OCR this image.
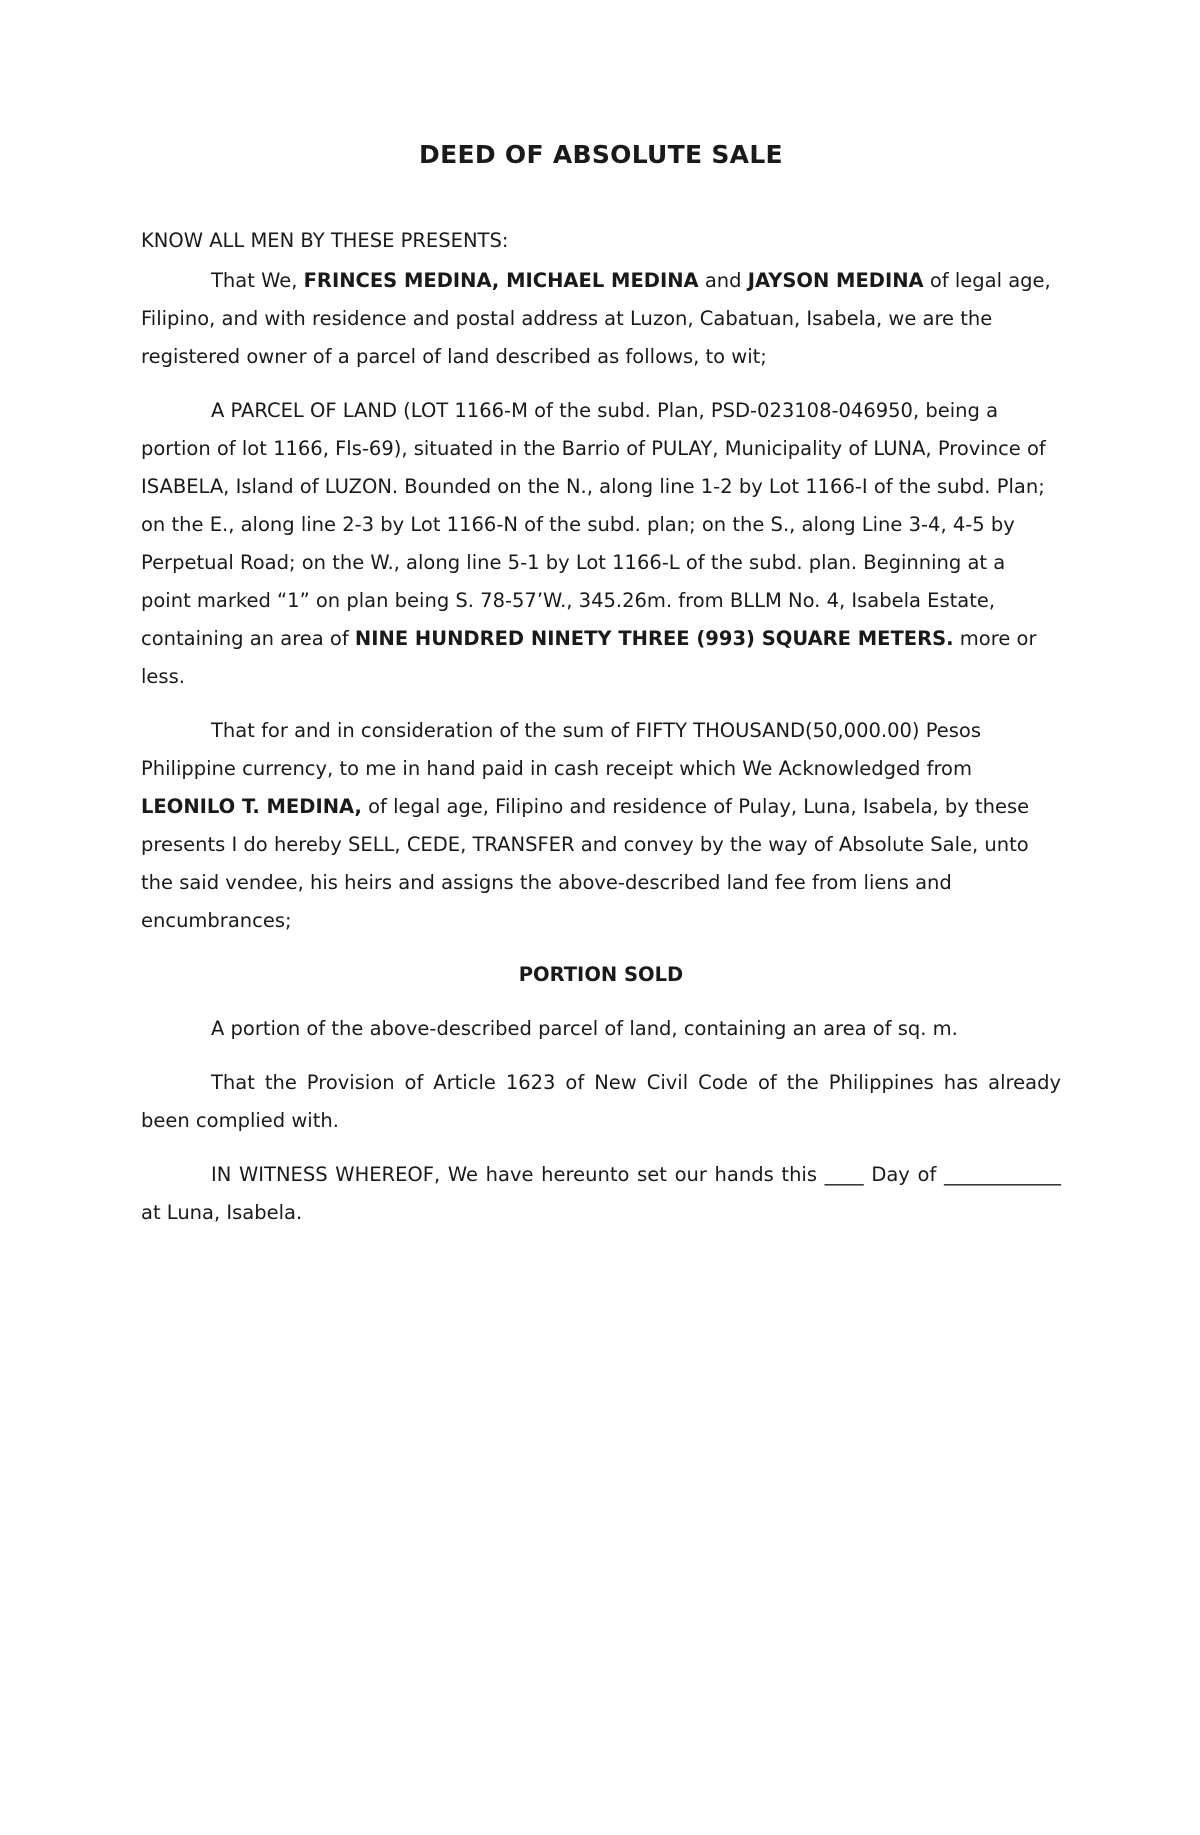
DEED OF ABSOLUTE SALE

KNOW ALL MEN BY THESE PRESENTS:

That We, FRINCES MEDINA, MICHAEL MEDINA and JAYSON MEDINA of legal age, Filipino, and with residence and postal address at Luzon, Cabatuan, Isabela, we are the registered owner of a parcel of land described as follows, to wit;

A PARCEL OF LAND (LOT 1166-M of the subd. Plan, PSD-023108-046950, being a portion of lot 1166, Fls-69), situated in the Barrio of PULAY, Municipality of LUNA, Province of ISABELA, Island of LUZON. Bounded on the N., along line 1-2 by Lot 1166-I of the subd. Plan; on the E., along line 2-3 by Lot 1166-N of the subd. plan; on the S., along Line 3-4, 4-5 by Perpetual Road; on the W., along line 5-1 by Lot 1166-L of the subd. plan. Beginning at a point marked “1” on plan being S. 78-57’W., 345.26m. from BLLM No. 4, Isabela Estate, containing an area of NINE HUNDRED NINETY THREE (993) SQUARE METERS. more or less.

That for and in consideration of the sum of FIFTY THOUSAND(50,000.00) Pesos Philippine currency, to me in hand paid in cash receipt which We Acknowledged from LEONILO T. MEDINA, of legal age, Filipino and residence of Pulay, Luna, Isabela, by these presents I do hereby SELL, CEDE, TRANSFER and convey by the way of Absolute Sale, unto the said vendee, his heirs and assigns the above-described land fee from liens and encumbrances;

PORTION SOLD

A portion of the above-described parcel of land, containing an area of sq. m.

That the Provision of Article 1623 of New Civil Code of the Philippines has already been complied with.

IN WITNESS WHEREOF, We have hereunto set our hands this ____ Day of ____________ at Luna, Isabela.
